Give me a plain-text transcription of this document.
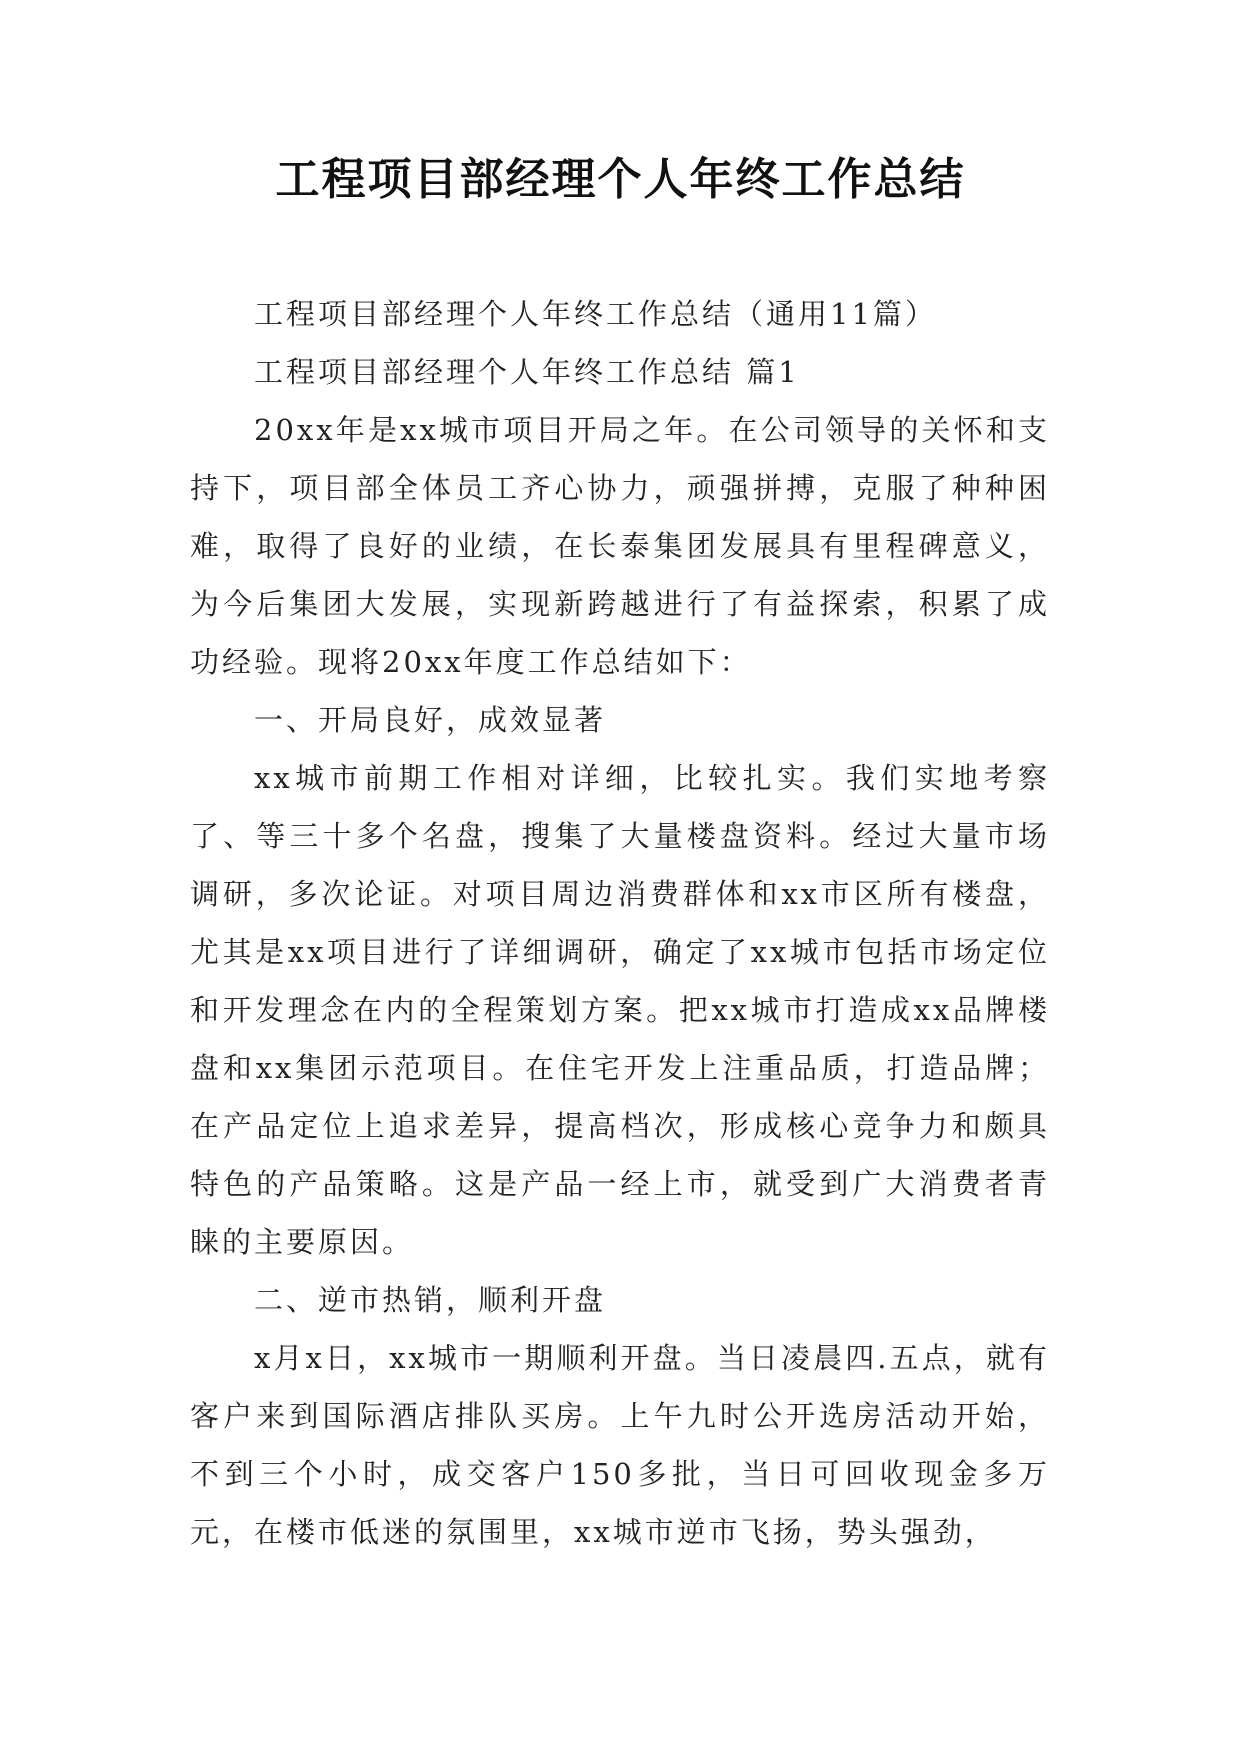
工程项目部经理个人年终工作总结

工程项目部经理个人年终工作总结（通用11篇）

工程项目部经理个人年终工作总结 篇1

20xx年是xx城市项目开局之年。在公司领导的关怀和支持下，项目部全体员工齐心协力，顽强拼搏，克服了种种困难，取得了良好的业绩，在长泰集团发展具有里程碑意义，为今后集团大发展，实现新跨越进行了有益探索，积累了成功经验。现将20xx年度工作总结如下：

一、开局良好，成效显著

xx城市前期工作相对详细，比较扎实。我们实地考察了、等三十多个名盘，搜集了大量楼盘资料。经过大量市场调研，多次论证。对项目周边消费群体和xx市区所有楼盘，尤其是xx项目进行了详细调研，确定了xx城市包括市场定位和开发理念在内的全程策划方案。把xx城市打造成xx品牌楼盘和xx集团示范项目。在住宅开发上注重品质，打造品牌；在产品定位上追求差异，提高档次，形成核心竞争力和颇具特色的产品策略。这是产品一经上市，就受到广大消费者青睐的主要原因。

二、逆市热销，顺利开盘

x月x日，xx城市一期顺利开盘。当日凌晨四.五点，就有客户来到国际酒店排队买房。上午九时公开选房活动开始，不到三个小时，成交客户150多批，当日可回收现金多万元，在楼市低迷的氛围里，xx城市逆市飞扬，势头强劲，
